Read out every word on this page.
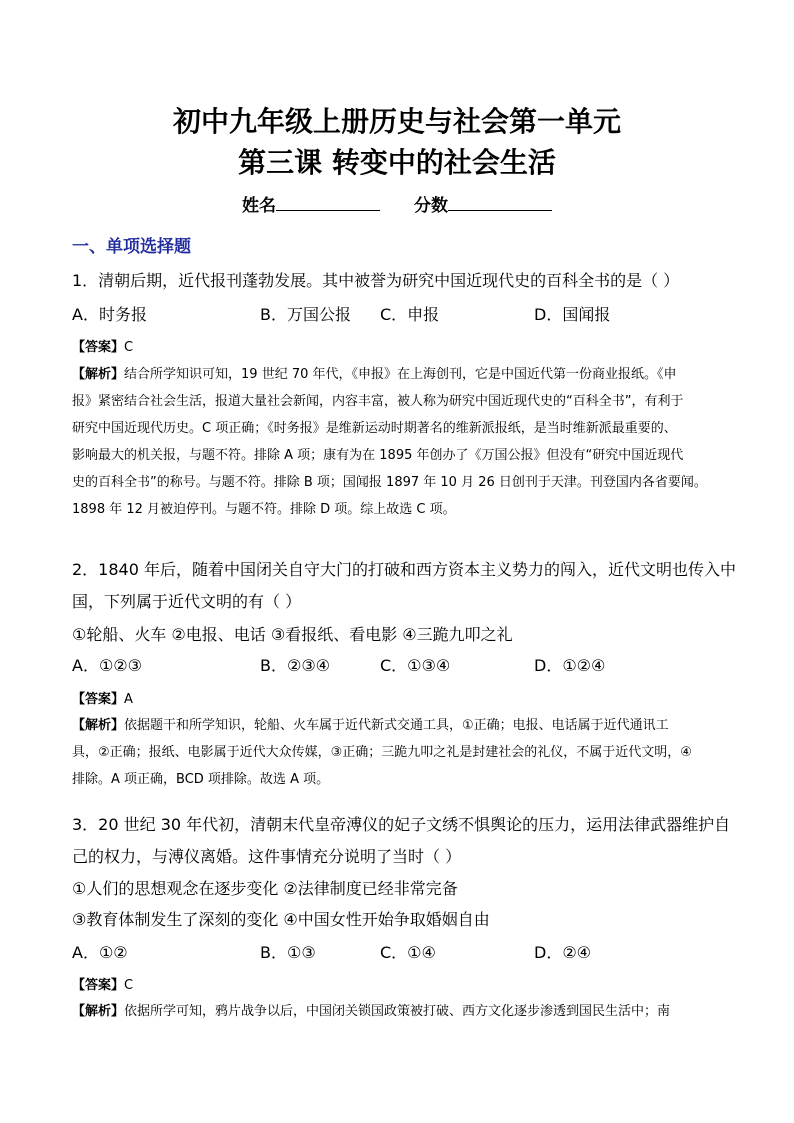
初中九年级上册历史与社会第一单元
第三课 转变中的社会生活
姓名	分数
一、单项选择题
1．清朝后期，近代报刊蓬勃发展。其中被誉为研究中国近现代史的百科全书的是（ ）
A．时务报	B．万国公报 C．申报	D．国闻报
【答案】C
【解析】结合所学知识可知，19 世纪 70 年代，《申报》在上海创刊，它是中国近代第一份商业报纸。《申
报》紧密结合社会生活，报道大量社会新闻，内容丰富，被人称为研究中国近现代史的“百科全书”，有利于
研究中国近现代历史。C 项正确；《时务报》是维新运动时期著名的维新派报纸，是当时维新派最重要的、
影响最大的机关报，与题不符。排除 A 项；康有为在 1895 年创办了《万国公报》但没有“研究中国近现代
史的百科全书”的称号。与题不符。排除 B 项；国闻报 1897 年 10 月 26 日创刊于天津。刊登国内各省要闻。
1898 年 12 月被迫停刊。与题不符。排除 D 项。综上故选 C 项。
2．1840 年后，随着中国闭关自守大门的打破和西方资本主义势力的闯入，近代文明也传入中
国，下列属于近代文明的有（ ）
①轮船、火车 ②电报、电话 ③看报纸、看电影 ④三跪九叩之礼
A．①②③	B．②③④	C．①③④	D．①②④
【答案】A
【解析】依据题干和所学知识，轮船、火车属于近代新式交通工具，①正确；电报、电话属于近代通讯工
具，②正确；报纸、电影属于近代大众传媒，③正确；三跪九叩之礼是封建社会的礼仪，不属于近代文明，④
排除。A 项正确，BCD 项排除。故选 A 项。
3．20 世纪 30 年代初，清朝末代皇帝溥仪的妃子文绣不惧舆论的压力，运用法律武器维护自
己的权力，与溥仪离婚。这件事情充分说明了当时（ ）
①人们的思想观念在逐步变化 ②法律制度已经非常完备
③教育体制发生了深刻的变化 ④中国女性开始争取婚姻自由
A．①②	B．①③	C．①④	D．②④
【答案】C
【解析】依据所学可知，鸦片战争以后，中国闭关锁国政策被打破、西方文化逐步渗透到国民生活中；南
